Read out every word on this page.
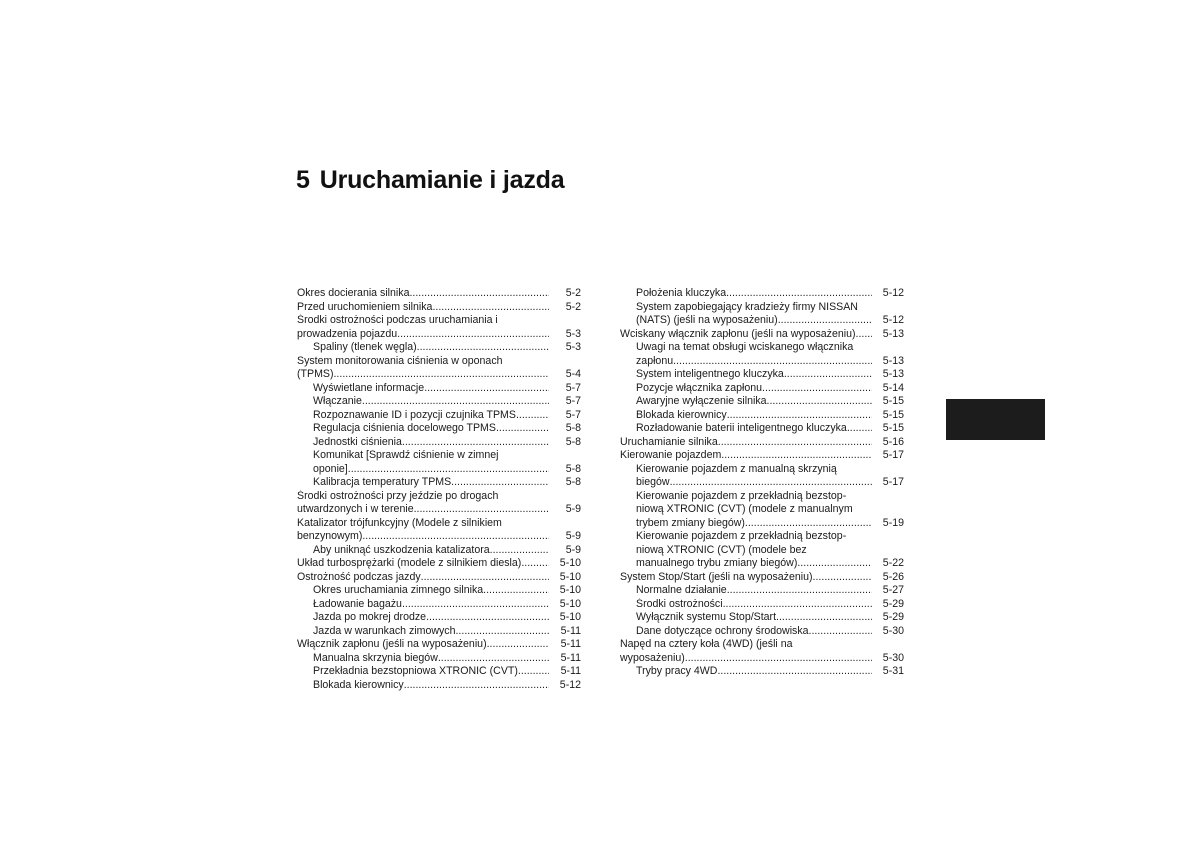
5 Uruchamianie i jazda
Okres docierania silnika .....	5-2
Przed uruchomieniem silnika .....	5-2
Środki ostrożności podczas uruchamiania i
prowadzenia pojazdu .....	5-3
Spaliny (tlenek węgla) .....	5-3
System monitorowania ciśnienia w oponach
(TPMS) .....	5-4
Wyświetlane informacje .....	5-7
Włączanie .....	5-7
Rozpoznawanie ID i pozycji czujnika TPMS .....	5-7
Regulacja ciśnienia docelowego TPMS .....	5-8
Jednostki ciśnienia .....	5-8
Komunikat [Sprawdź ciśnienie w zimnej
oponie] .....	5-8
Kalibracja temperatury TPMS .....	5-8
Środki ostrożności przy jeździe po drogach
utwardzonych i w terenie .....	5-9
Katalizator trójfunkcyjny (Modele z silnikiem
benzynowym) .....	5-9
Aby uniknąć uszkodzenia katalizatora .....	5-9
Układ turbosprężarki (modele z silnikiem diesla) .....	5-10
Ostrożność podczas jazdy .....	5-10
Okres uruchamiania zimnego silnika .....	5-10
Ładowanie bagażu .....	5-10
Jazda po mokrej drodze .....	5-10
Jazda w warunkach zimowych .....	5-11
Włącznik zapłonu (jeśli na wyposażeniu) .....	5-11
Manualna skrzynia biegów .....	5-11
Przekładnia bezstopniowa XTRONIC (CVT) .....	5-11
Blokada kierownicy .....	5-12
Położenia kluczyka .....	5-12
System zapobiegający kradzieży firmy NISSAN
(NATS) (jeśli na wyposażeniu) .....	5-12
Wciskany włącznik zapłonu (jeśli na wyposażeniu) .....	5-13
Uwagi na temat obsługi wciskanego włącznika
zapłonu .....	5-13
System inteligentnego kluczyka .....	5-13
Pozycje włącznika zapłonu .....	5-14
Awaryjne wyłączenie silnika .....	5-15
Blokada kierownicy .....	5-15
Rozładowanie baterii inteligentnego kluczyka .....	5-15
Uruchamianie silnika .....	5-16
Kierowanie pojazdem .....	5-17
Kierowanie pojazdem z manualną skrzynią
biegów .....	5-17
Kierowanie pojazdem z przekładnią bezstop-
niową XTRONIC (CVT) (modele z manualnym
trybem zmiany biegów) .....	5-19
Kierowanie pojazdem z przekładnią bezstop-
niową XTRONIC (CVT) (modele bez
manualnego trybu zmiany biegów) .....	5-22
System Stop/Start (jeśli na wyposażeniu) .....	5-26
Normalne działanie .....	5-27
Środki ostrożności .....	5-29
Wyłącznik systemu Stop/Start .....	5-29
Dane dotyczące ochrony środowiska .....	5-30
Napęd na cztery koła (4WD) (jeśli na
wyposażeniu) .....	5-30
Tryby pracy 4WD .....	5-31
